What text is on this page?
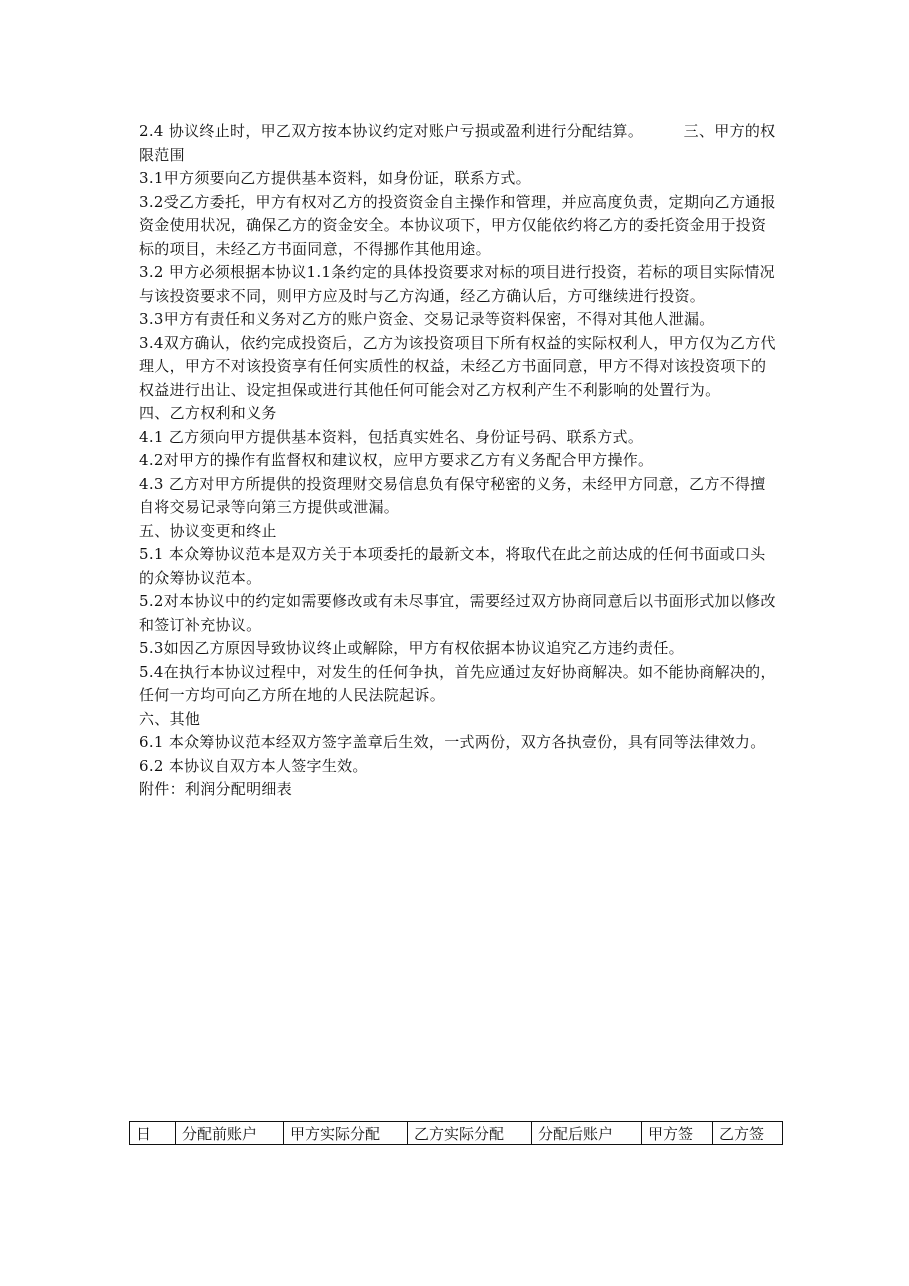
2.4 协议终止时，甲乙双方按本协议约定对账户亏损或盈利进行分配结算。        三、甲方的权限范围

3.1甲方须要向乙方提供基本资料，如身份证，联系方式。

3.2受乙方委托，甲方有权对乙方的投资资金自主操作和管理，并应高度负责，定期向乙方通报资金使用状况，确保乙方的资金安全。本协议项下，甲方仅能依约将乙方的委托资金用于投资标的项目，未经乙方书面同意，不得挪作其他用途。

3.2 甲方必须根据本协议1.1条约定的具体投资要求对标的项目进行投资，若标的项目实际情况与该投资要求不同，则甲方应及时与乙方沟通，经乙方确认后，方可继续进行投资。

3.3甲方有责任和义务对乙方的账户资金、交易记录等资料保密，不得对其他人泄漏。

3.4双方确认，依约完成投资后，乙方为该投资项目下所有权益的实际权利人，甲方仅为乙方代理人，甲方不对该投资享有任何实质性的权益，未经乙方书面同意，甲方不得对该投资项下的权益进行出让、设定担保或进行其他任何可能会对乙方权利产生不利影响的处置行为。

四、乙方权利和义务

4.1 乙方须向甲方提供基本资料，包括真实姓名、身份证号码、联系方式。

4.2对甲方的操作有监督权和建议权，应甲方要求乙方有义务配合甲方操作。

4.3 乙方对甲方所提供的投资理财交易信息负有保守秘密的义务，未经甲方同意，乙方不得擅自将交易记录等向第三方提供或泄漏。

五、协议变更和终止

5.1 本众筹协议范本是双方关于本项委托的最新文本，将取代在此之前达成的任何书面或口头的众筹协议范本。

5.2对本协议中的约定如需要修改或有未尽事宜，需要经过双方协商同意后以书面形式加以修改和签订补充协议。

5.3如因乙方原因导致协议终止或解除，甲方有权依据本协议追究乙方违约责任。

5.4在执行本协议过程中，对发生的任何争执，首先应通过友好协商解决。如不能协商解决的，任何一方均可向乙方所在地的人民法院起诉。

六、其他

6.1 本众筹协议范本经双方签字盖章后生效，一式两份，双方各执壹份，具有同等法律效力。

6.2 本协议自双方本人签字生效。

附件：利润分配明细表

日	分配前账户	甲方实际分配	乙方实际分配	分配后账户	甲方签	乙方签
